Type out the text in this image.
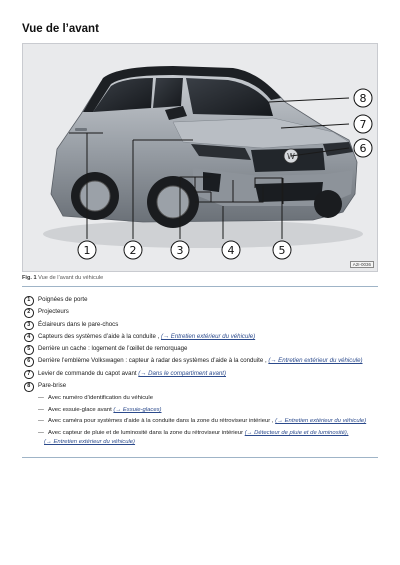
Vue de l’avant
W
1	2	3	4	5
6
7
8
A2I-0036
Fig. 1 Vue de l’avant du véhicule
1	Poignées de porte
2	Projecteurs
3	Éclaireurs dans le pare-chocs
4	Capteurs des systèmes d’aide à la conduite , (→ Entretien extérieur du véhicule)
5	Derrière un cache : logement de l’œillet de remorquage
6	Derrière l’emblème Volkswagen : capteur à radar des systèmes d’aide à la conduite , (→ Entretien extérieur du véhicule)
7	Levier de commande du capot avant (→ Dans le compartiment avant)
8	Pare-brise
— Avec numéro d’identification du véhicule
— Avec essuie-glace avant (→ Essuie-glaces)
— Avec caméra pour systèmes d’aide à la conduite dans la zone du rétroviseur intérieur , (→ Entretien extérieur du véhicule)
— Avec capteur de pluie et de luminosité dans la zone du rétroviseur intérieur (→ Détecteur de pluie et de luminosité),
(→ Entretien extérieur du véhicule)
